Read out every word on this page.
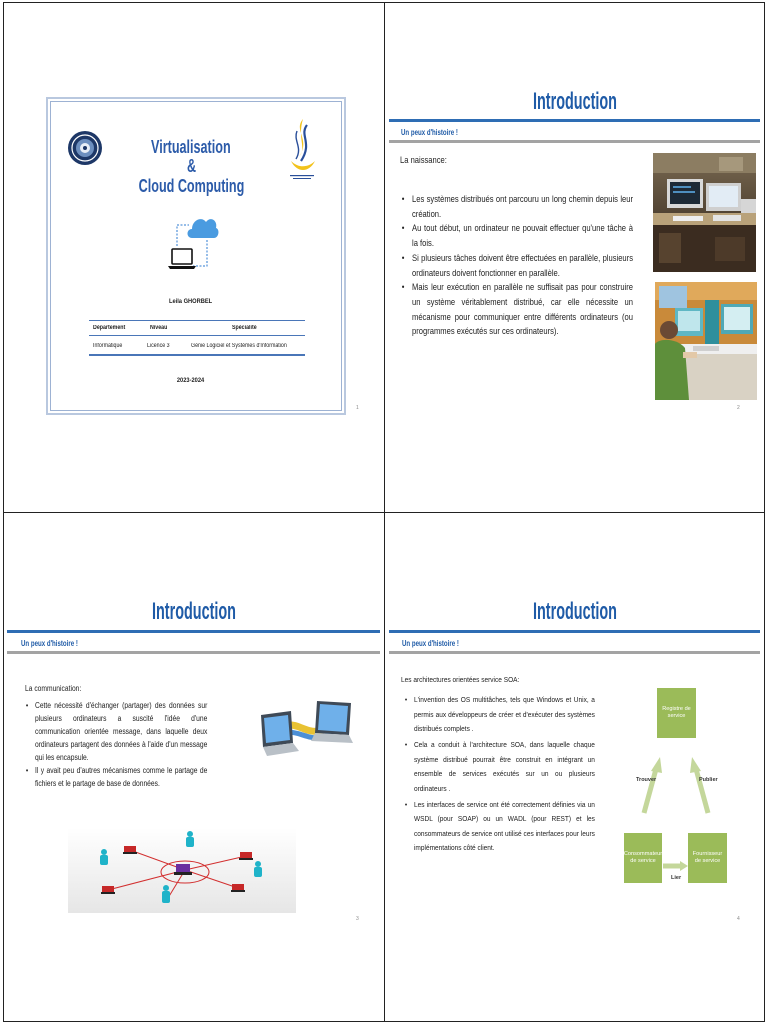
Virtualisation
&
Cloud Computing
Leila GHORBEL
Département	Niveau	Spécialité
Informatique	Licence 3	Génie Logiciel et Systèmes d'Information
2023-2024
1
Introduction
Un peux d'histoire !
La naissance:
• Les systèmes distribués ont parcouru un long chemin depuis leur création.
• Au tout début, un ordinateur ne pouvait effectuer qu'une tâche à la fois.
• Si plusieurs tâches doivent être effectuées en parallèle, plusieurs ordinateurs doivent fonctionner en parallèle.
• Mais leur exécution en parallèle ne suffisait pas pour construire un système véritablement distribué, car elle nécessite un mécanisme pour communiquer entre différents ordinateurs (ou programmes exécutés sur ces ordinateurs).
2
Introduction
Un peux d'histoire !
La communication:
• Cette nécessité d'échanger (partager) des données sur plusieurs ordinateurs a suscité l'idée d'une communication orientée message, dans laquelle deux ordinateurs partagent des données à l'aide d'un message qui les encapsule.
• Il y avait peu d'autres mécanismes comme le partage de fichiers et le partage de base de données.
3
Introduction
Un peux d'histoire !
Les architectures orientées service SOA:
• L'invention des OS multitâches, tels que Windows et Unix, a permis aux développeurs de créer et d'exécuter des systèmes distribués complets .
• Cela a conduit à l'architecture SOA, dans laquelle chaque système distribué pourrait être construit en intégrant un ensemble de services exécutés sur un ou plusieurs ordinateurs .
• Les interfaces de service ont été correctement définies via un WSDL (pour SOAP) ou un WADL (pour REST) et les consommateurs de service ont utilisé ces interfaces pour leurs implémentations côté client.
Registre de service
Consommateur de service
Fournisseur de service
Trouver	Publier
Lier
4
